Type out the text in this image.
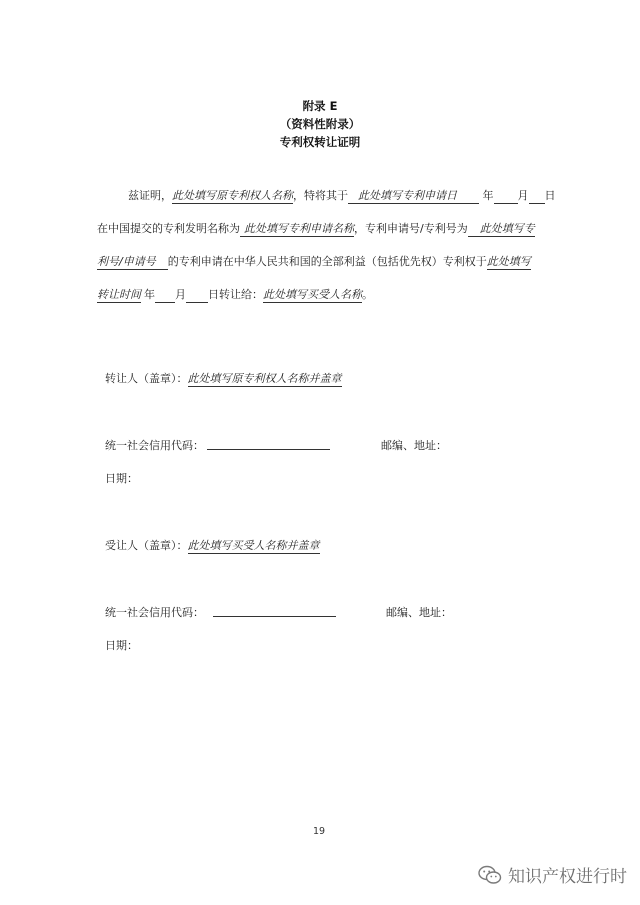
附录 E
（资料性附录）
专利权转让证明
兹证明，此处填写原专利权人名称，特将其于 此处填写专利申请日 年 月 日
在中国提交的专利发明名称为 此处填写专利申请名称，专利申请号/专利号为 此处填写专
利号/申请号 的专利申请在中华人民共和国的全部利益（包括优先权）专利权于此处填写
转让时间 年 月 日转让给：此处填写买受人名称。
转让人（盖章）：此处填写原专利权人名称并盖章
统一社会信用代码：	邮编、地址：
日期：
受让人（盖章）：此处填写买受人名称并盖章
统一社会信用代码：	邮编、地址：
日期：
19
知识产权进行时
